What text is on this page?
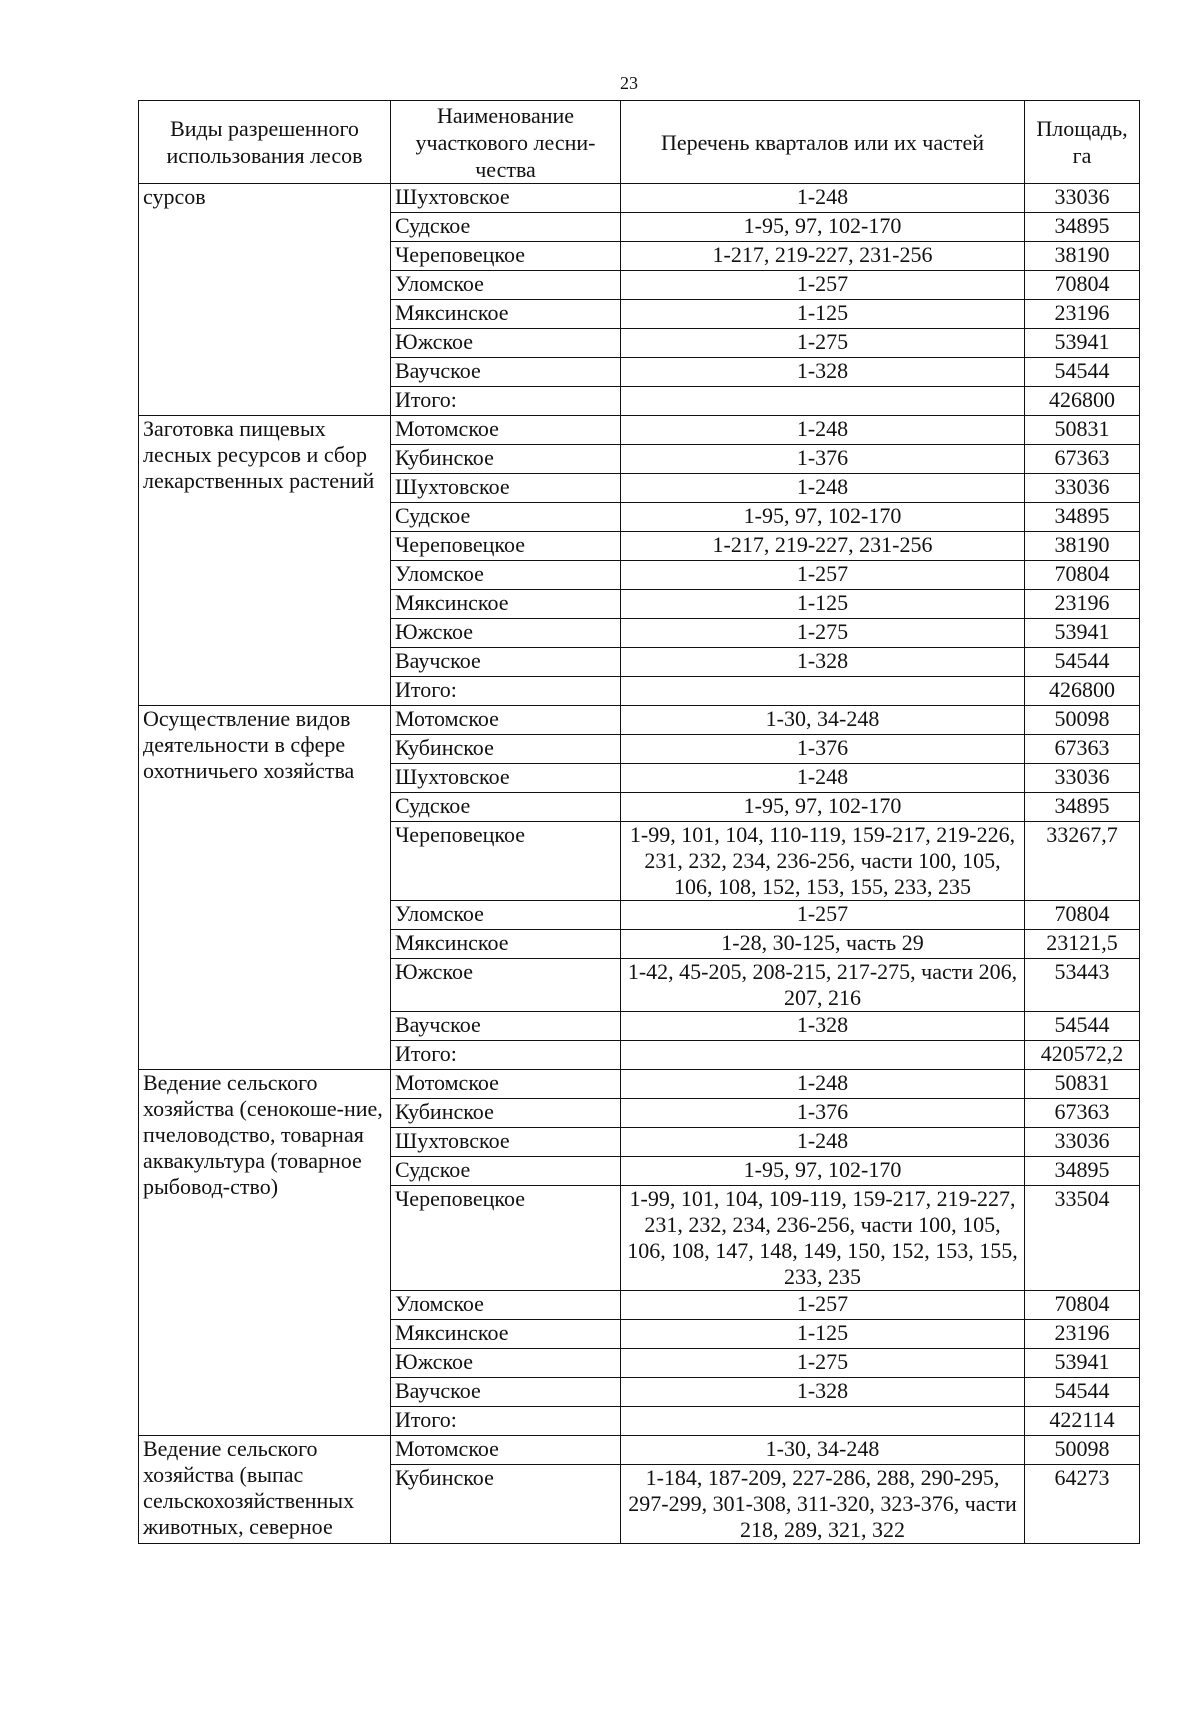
23
Виды разрешенного использования лесов	Наименование участкового лесни-чества	Перечень кварталов или их частей	Площадь, га
сурсов	Шухтовское	1-248	33036
	Судское	1-95, 97, 102-170	34895
	Череповецкое	1-217, 219-227, 231-256	38190
	Уломское	1-257	70804
	Мяксинское	1-125	23196
	Южское	1-275	53941
	Ваучское	1-328	54544
	Итого:		426800
Заготовка пищевых лесных ресурсов и сбор лекарственных растений	Мотомское	1-248	50831
	Кубинское	1-376	67363
	Шухтовское	1-248	33036
	Судское	1-95, 97, 102-170	34895
	Череповецкое	1-217, 219-227, 231-256	38190
	Уломское	1-257	70804
	Мяксинское	1-125	23196
	Южское	1-275	53941
	Ваучское	1-328	54544
	Итого:		426800
Осуществление видов деятельности в сфере охотничьего хозяйства	Мотомское	1-30, 34-248	50098
	Кубинское	1-376	67363
	Шухтовское	1-248	33036
	Судское	1-95, 97, 102-170	34895
	Череповецкое	1-99, 101, 104, 110-119, 159-217, 219-226, 231, 232, 234, 236-256, части 100, 105, 106, 108, 152, 153, 155, 233, 235	33267,7
	Уломское	1-257	70804
	Мяксинское	1-28, 30-125, часть 29	23121,5
	Южское	1-42, 45-205, 208-215, 217-275, части 206, 207, 216	53443
	Ваучское	1-328	54544
	Итого:		420572,2
Ведение сельского хозяйства (сенокоше-ние, пчеловодство, товарная аквакультура (товарное рыбовод-ство)	Мотомское	1-248	50831
	Кубинское	1-376	67363
	Шухтовское	1-248	33036
	Судское	1-95, 97, 102-170	34895
	Череповецкое	1-99, 101, 104, 109-119, 159-217, 219-227, 231, 232, 234, 236-256, части 100, 105, 106, 108, 147, 148, 149, 150, 152, 153, 155, 233, 235	33504
	Уломское	1-257	70804
	Мяксинское	1-125	23196
	Южское	1-275	53941
	Ваучское	1-328	54544
	Итого:		422114
Ведение сельского хозяйства (выпас сельскохозяйственных животных, северное	Мотомское	1-30, 34-248	50098
	Кубинское	1-184, 187-209, 227-286, 288, 290-295, 297-299, 301-308, 311-320, 323-376, части 218, 289, 321, 322	64273
